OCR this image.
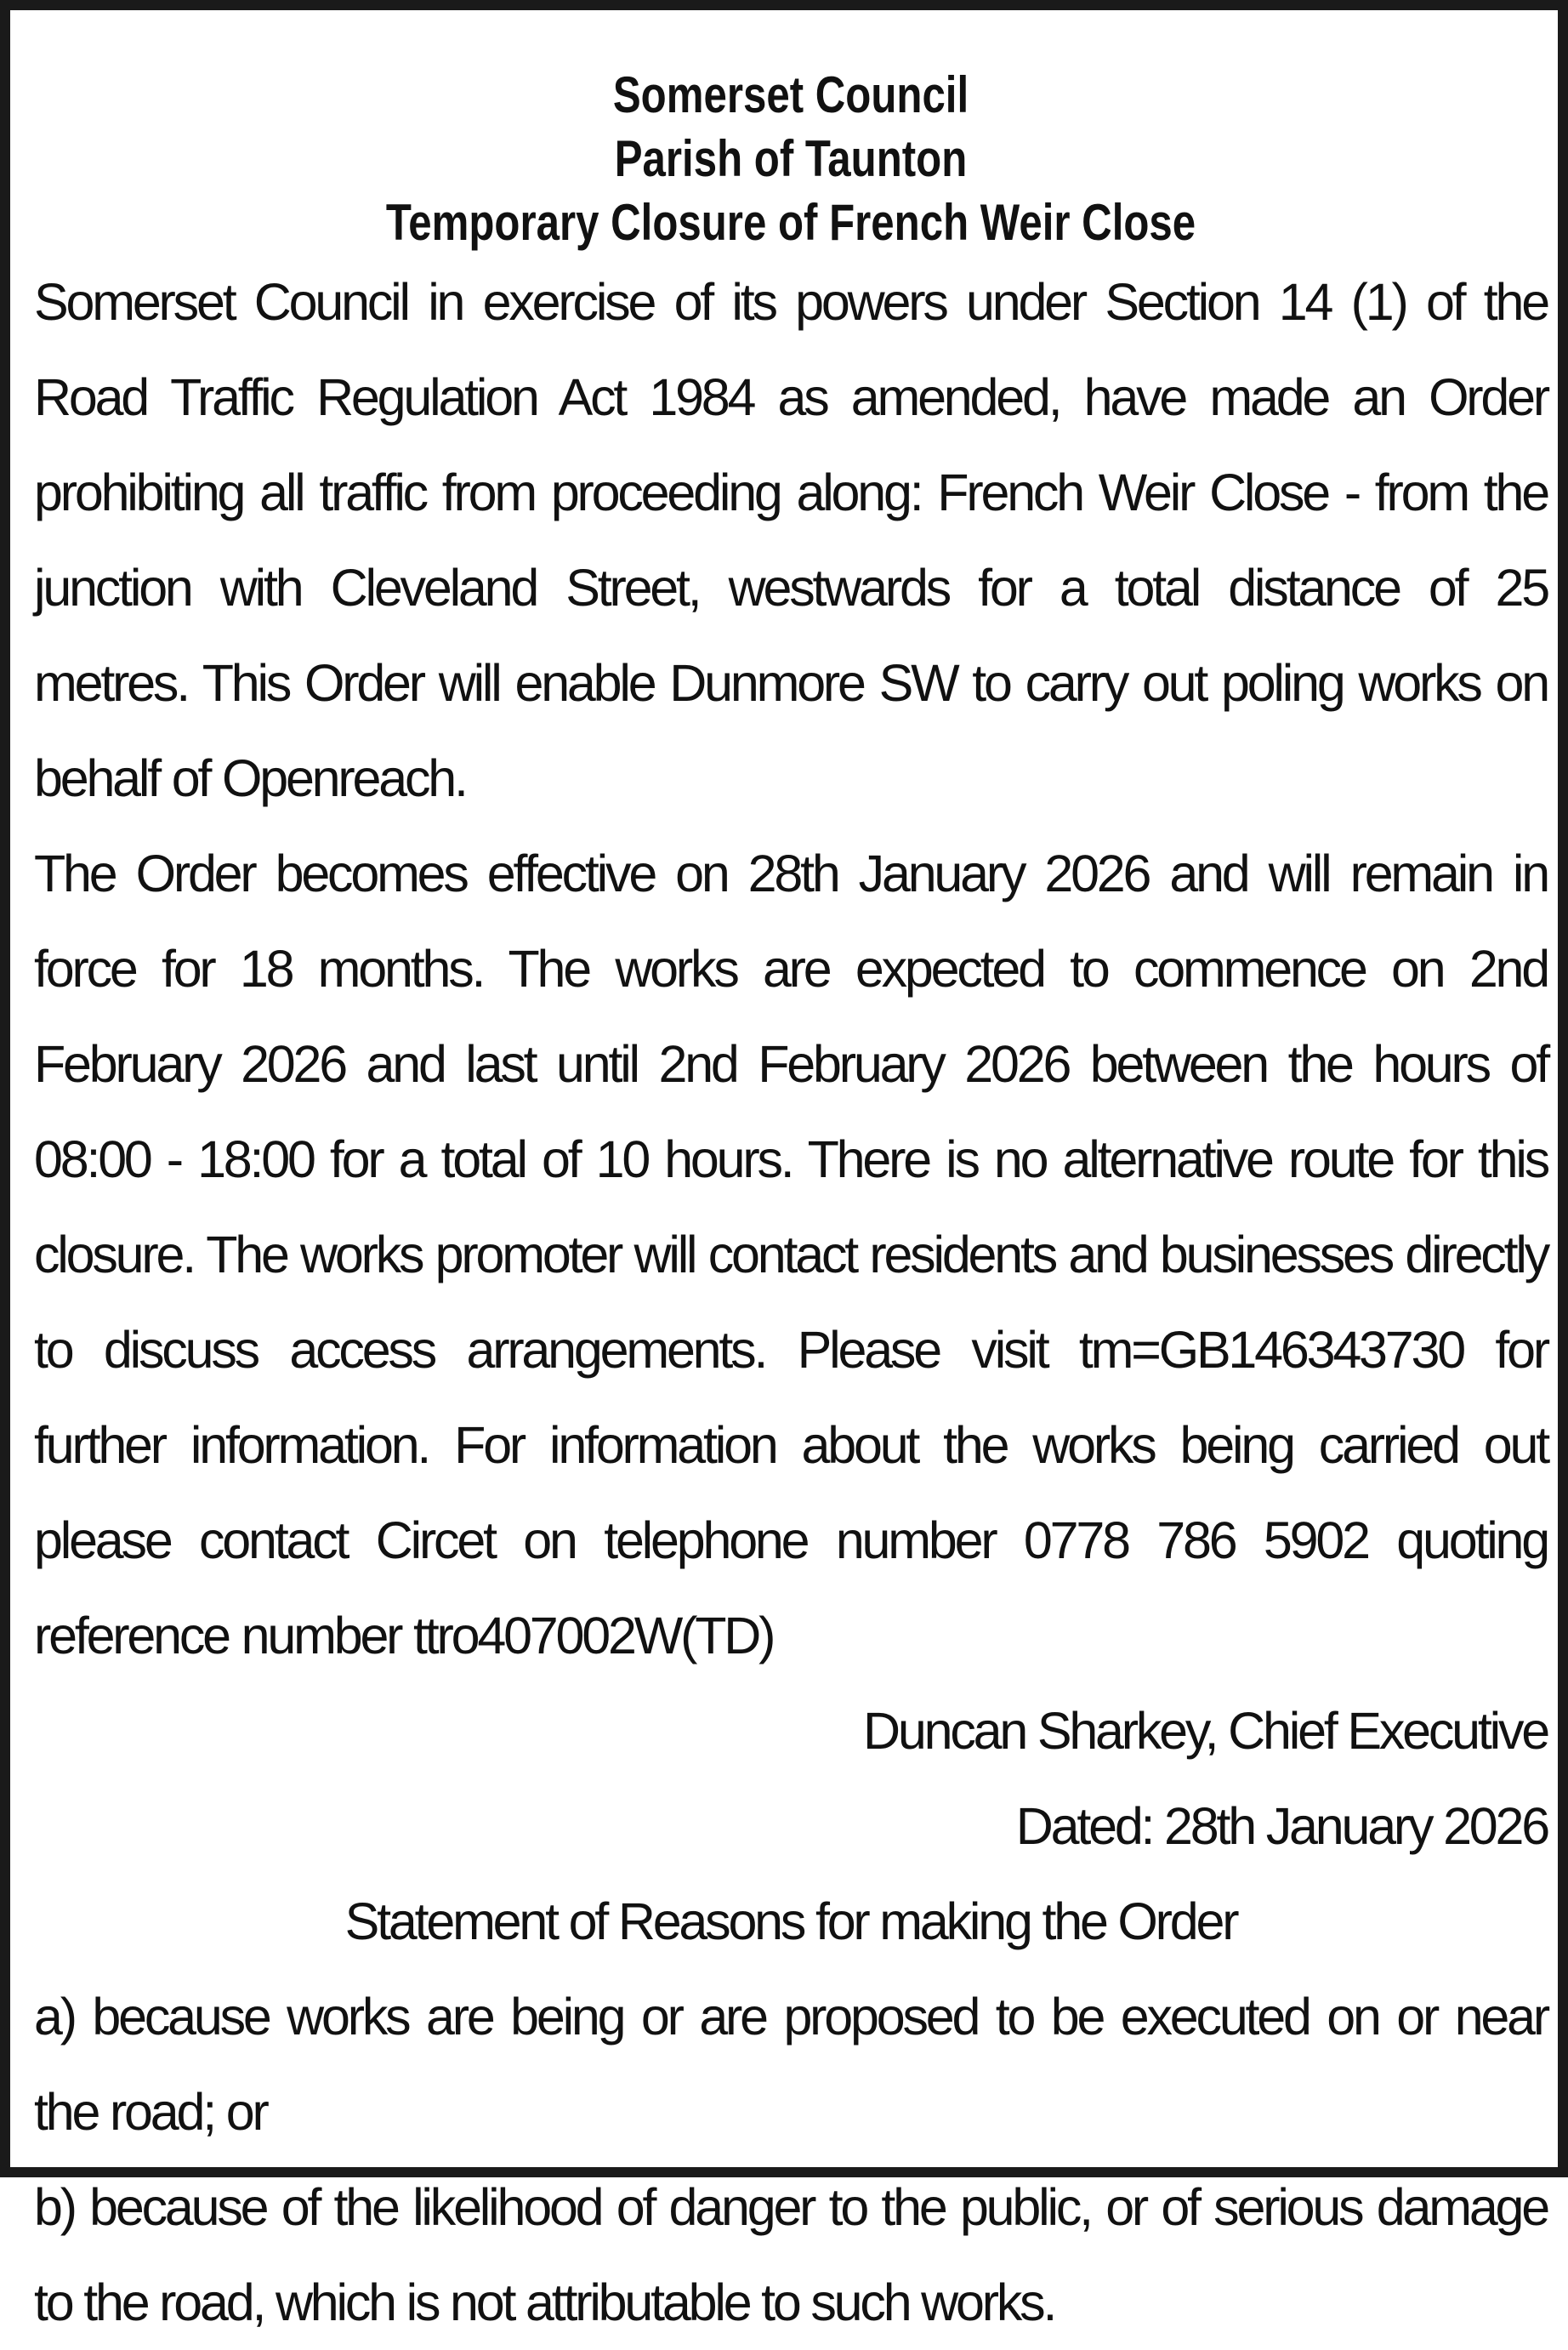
Somerset Council

Parish of Taunton

Temporary Closure of French Weir Close

Somerset Council in exercise of its powers under Section 14 (1) of the Road Traffic Regulation Act 1984 as amended, have made an Order prohibiting all traffic from proceeding along: French Weir Close - from the junction with Cleveland Street, westwards for a total distance of 25 metres. This Order will enable Dunmore SW to carry out poling works on behalf of Openreach.

The Order becomes effective on 28th January 2026 and will remain in force for 18 months. The works are expected to commence on 2nd February 2026 and last until 2nd February 2026 between the hours of 08:00 - 18:00 for a total of 10 hours. There is no alternative route for this closure. The works promoter will contact residents and businesses directly to discuss access arrangements. Please visit tm=GB146343730 for further information. For information about the works being carried out please contact Circet on telephone number 0778 786 5902 quoting reference number ttro407002W(TD)

Duncan Sharkey, Chief Executive

Dated: 28th January 2026

Statement of Reasons for making the Order

a) because works are being or are proposed to be executed on or near the road; or

b) because of the likelihood of danger to the public, or of serious damage to the road, which is not attributable to such works.
